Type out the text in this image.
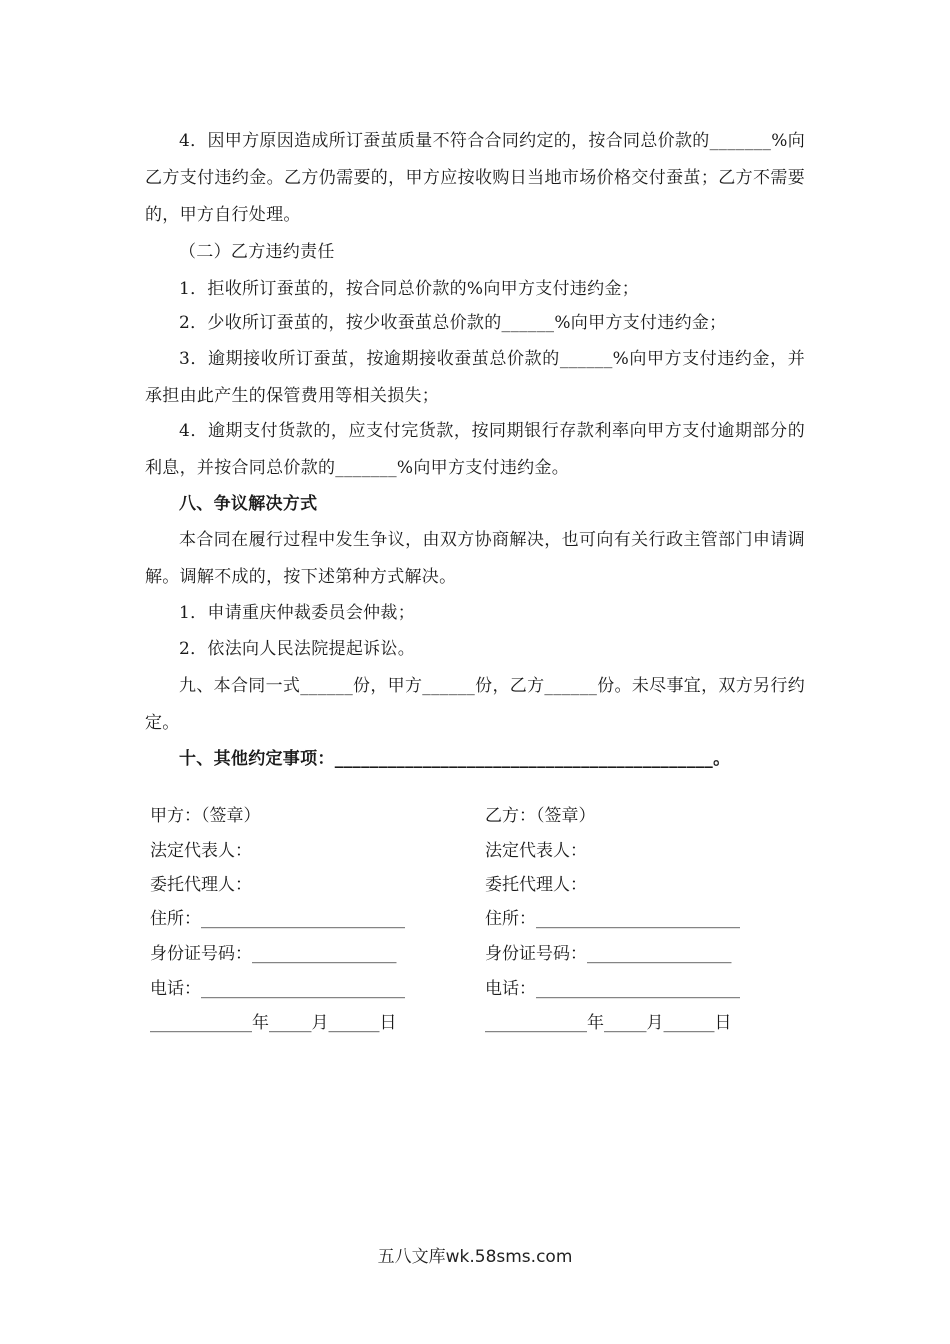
4．因甲方原因造成所订蚕茧质量不符合合同约定的，按合同总价款的_______%向乙方支付违约金。乙方仍需要的，甲方应按收购日当地市场价格交付蚕茧；乙方不需要的，甲方自行处理。

（二）乙方违约责任

1．拒收所订蚕茧的，按合同总价款的%向甲方支付违约金；

2．少收所订蚕茧的，按少收蚕茧总价款的______%向甲方支付违约金；

3．逾期接收所订蚕茧，按逾期接收蚕茧总价款的______%向甲方支付违约金，并承担由此产生的保管费用等相关损失；

4．逾期支付货款的，应支付完货款，按同期银行存款利率向甲方支付逾期部分的利息，并按合同总价款的_______%向甲方支付违约金。

八、争议解决方式

本合同在履行过程中发生争议，由双方协商解决，也可向有关行政主管部门申请调解。调解不成的，按下述第种方式解决。

1．申请重庆仲裁委员会仲裁；

2．依法向人民法院提起诉讼。

九、本合同一式______份，甲方______份，乙方______份。未尽事宜，双方另行约定。

十、其他约定事项：___________________________________________。

甲方：（签章）
法定代表人：
委托代理人：
住所：________________________
身份证号码：_________________
电话：________________________
____________年_____月______日
乙方：（签章）
法定代表人：
委托代理人：
住所：________________________
身份证号码：_________________
电话：________________________
____________年_____月______日
五八文库wk.58sms.com
